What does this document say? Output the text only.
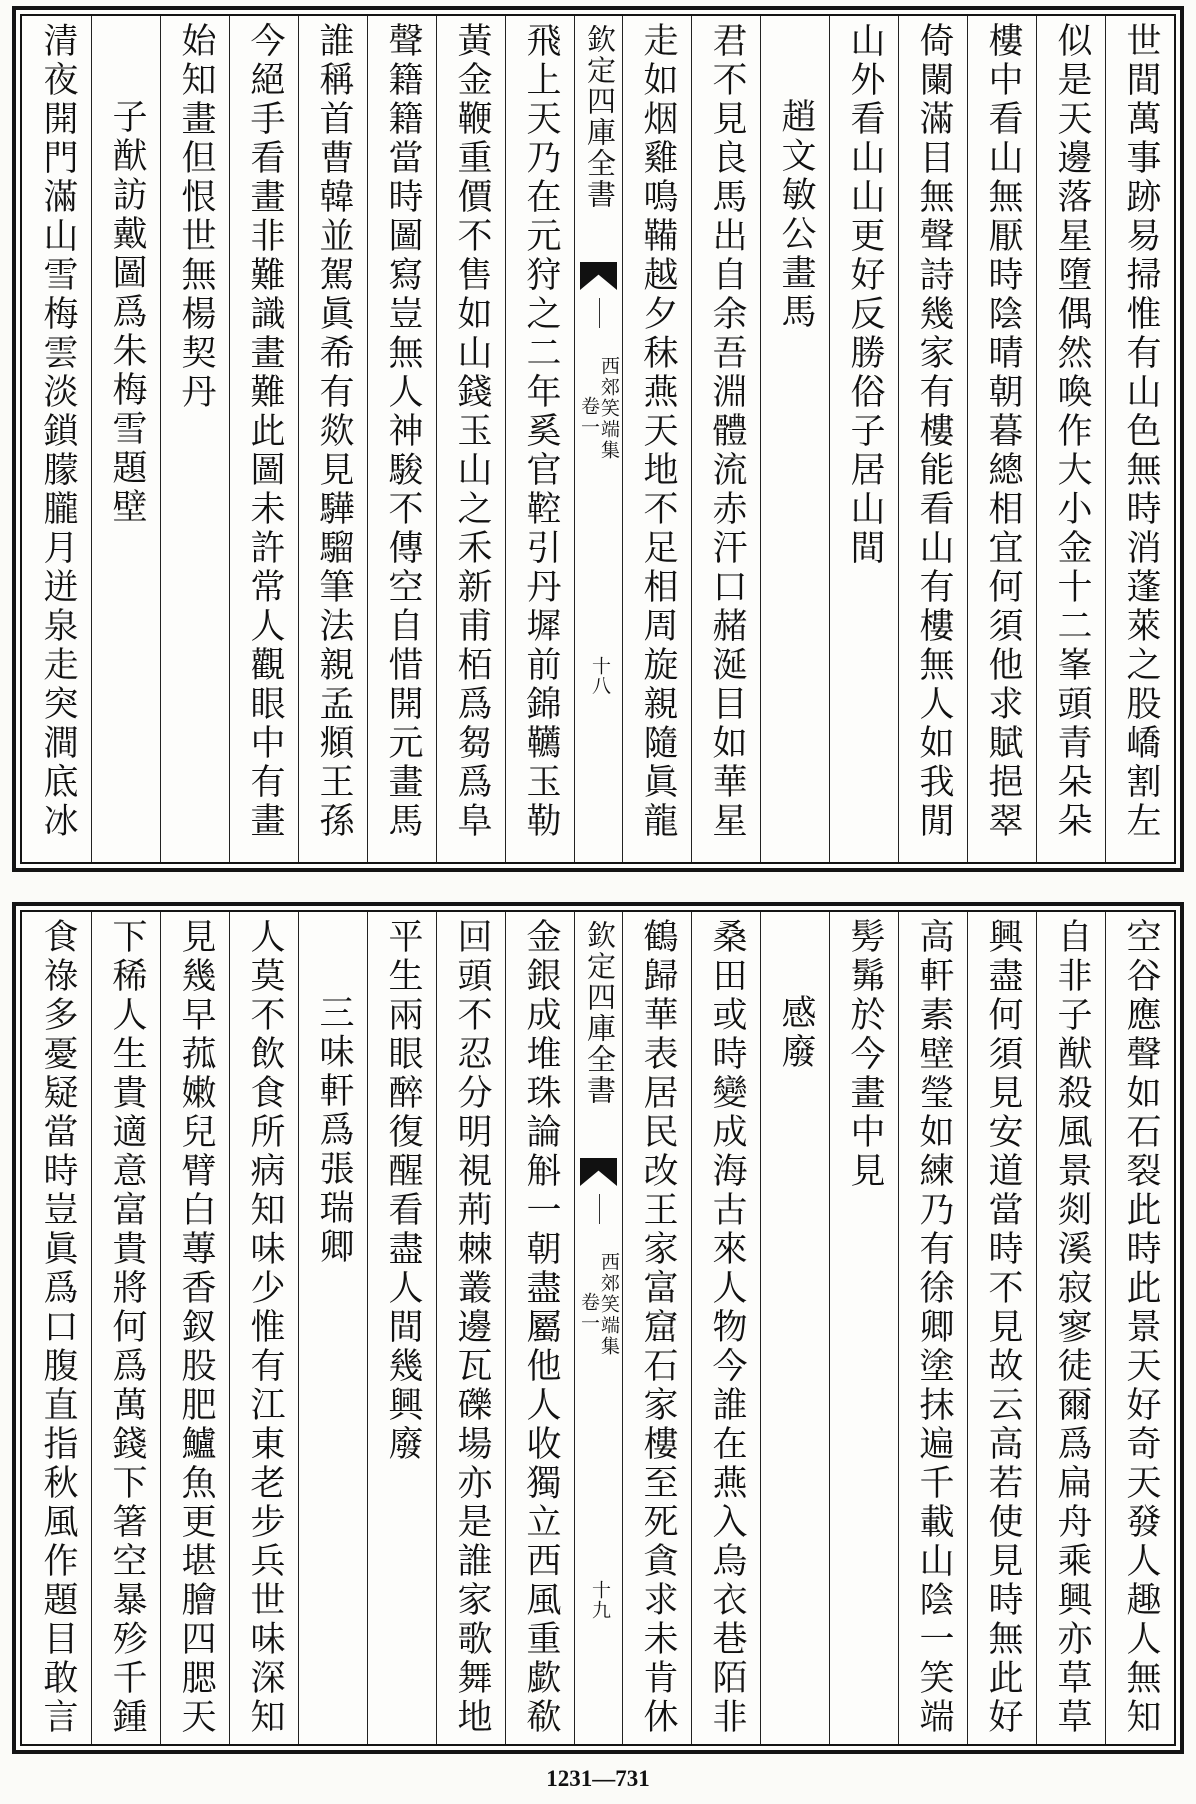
世間萬事跡易掃惟有山色無時消蓬萊之股嶠割左
似是天邊落星墮偶然喚作大小金十二峯頭青朵朵
樓中看山無厭時陰晴朝暮總相宜何須他求賦挹翠
倚闌滿目無聲詩幾家有樓能看山有樓無人如我閒
山外看山山更好反勝俗子居山間
趙文敏公畫馬
君不見良馬出自余吾淵體流赤汗口赭涎目如華星
走如烟雞鳴鞴越夕秣燕天地不足相周旋親隨眞龍
欽定四庫全書
西郊笑端集
卷一
十八
飛上天乃在元狩之二年奚官鞚引丹墀前錦韉玉勒
黃金鞭重價不售如山錢玉山之禾新甫栢爲芻爲阜
聲籍籍當時圖寫豈無人神駿不傳空自惜開元畫馬
誰稱首曹韓並駕眞希有欻見驊騮筆法親孟頫王孫
今絕手看畫非難識畫難此圖未許常人觀眼中有畫
始知畫但恨世無楊契丹
子猷訪戴圖爲朱梅雪題壁
清夜開門滿山雪梅雲淡鎖朦朧月迸泉走突澗底冰
空谷應聲如石裂此時此景天好奇天發人趣人無知
自非子猷殺風景剡溪寂寥徒爾爲扁舟乘興亦草草
興盡何須見安道當時不見故云高若使見時無此好
高軒素壁瑩如練乃有徐卿塗抹遍千載山陰一笑端
髣髴於今畫中見
感廢
桑田或時變成海古來人物今誰在燕入烏衣巷陌非
鶴歸華表居民改王家富窟石家樓至死貪求未肯休
欽定四庫全書
西郊笑端集
卷一
十九
金銀成堆珠論斛一朝盡屬他人收獨立西風重歔欷
回頭不忍分明視荊棘叢邊瓦礫場亦是誰家歌舞地
平生兩眼醉復醒看盡人間幾興廢
三味軒爲張瑞卿
人莫不飲食所病知味少惟有江東老步兵世味深知
見幾早菰嫩兒臂白蓴香釵股肥鱸魚更堪膾四腮天
下稀人生貴適意富貴將何爲萬錢下箸空暴殄千鍾
食祿多憂疑當時豈眞爲口腹直指秋風作題目敢言
1231—731
